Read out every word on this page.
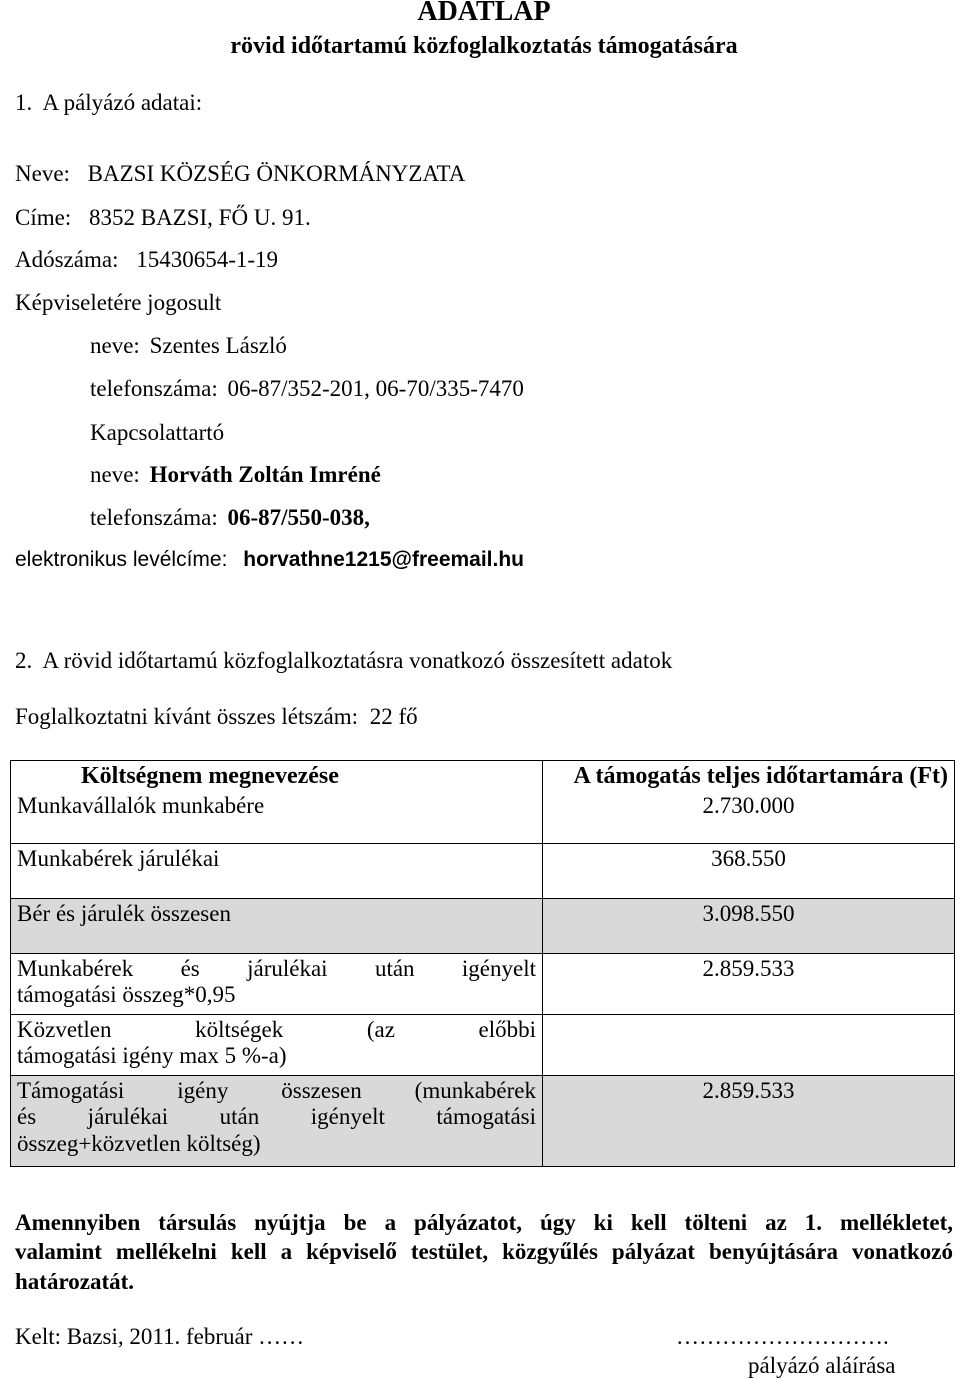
ADATLAP
rövid időtartamú közfoglalkoztatás támogatására
1.  A pályázó adatai:
Neve: BAZSI KÖZSÉG ÖNKORMÁNYZATA
Címe: 8352 BAZSI, FŐ U. 91.
Adószáma: 15430654-1-19
Képviseletére jogosult
neve: Szentes László
telefonszáma: 06-87/352-201, 06-70/335-7470
Kapcsolattartó
neve: Horváth Zoltán Imréné
telefonszáma: 06-87/550-038,
elektronikus levélcíme: horvathne1215@freemail.hu
2.  A rövid időtartamú közfoglalkoztatásra vonatkozó összesített adatok
Foglalkoztatni kívánt összes létszám: 22 fő
Költségnem megnevezése	A támogatás teljes időtartamára (Ft)
Munkavállalók munkabére	2.730.000
Munkabérek járulékai	368.550
Bér és járulék összesen	3.098.550

Munkabérek és járulékai után igényelt
támogatási összeg*0,95	2.859.533

Közvetlen költségek (az előbbi
támogatási igény max 5 %-a)	

Támogatási igény összesen (munkabérek
és járulékai után igényelt támogatási
összeg+közvetlen költség)	2.859.533
Amennyiben társulás nyújtja be a pályázatot, úgy ki kell tölteni az 1. mellékletet,
valamint mellékelni kell a képviselő testület, közgyűlés pályázat benyújtására vonatkozó
határozatát.
Kelt: Bazsi, 2011. február ……	……………………….
pályázó aláírása
